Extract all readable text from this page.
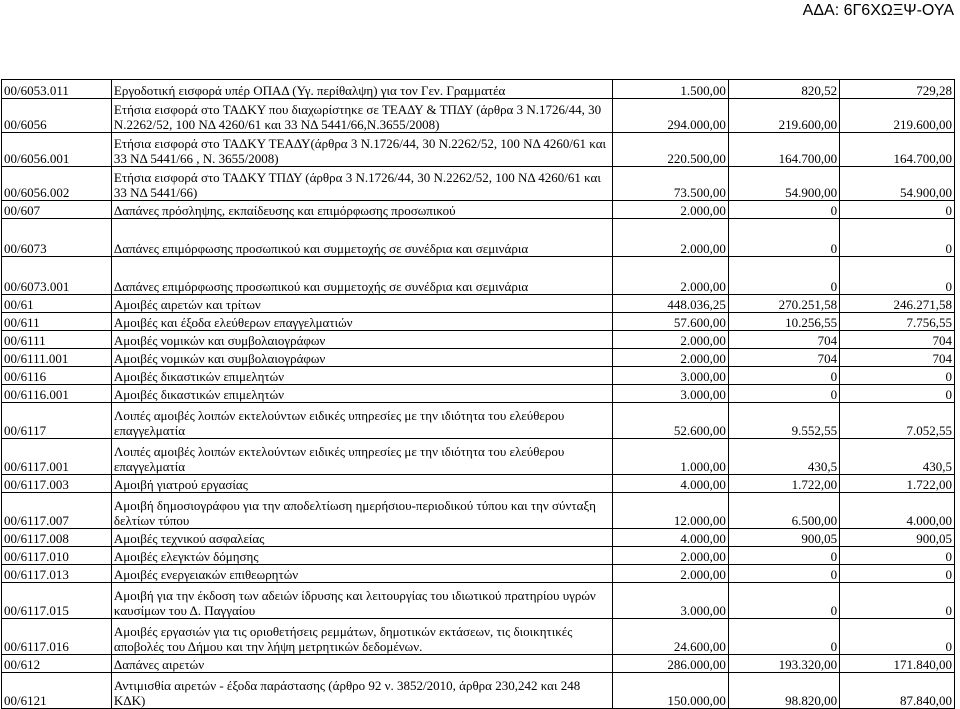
ΑΔΑ: 6Γ6ΧΩΞΨ-ΟΥΑ
00/6053.011	Εργοδοτική εισφορά υπέρ ΟΠΑΔ (Υγ. περίθαλψη) για τον Γεν. Γραμματέα	1.500,00	820,52	729,28
00/6056	Ετήσια εισφορά στο ΤΑΔΚΥ που διαχωρίστηκε σε ΤΕΑΔΥ & ΤΠΔΥ (άρθρα 3 Ν.1726/44, 30 Ν.2262/52, 100 ΝΔ 4260/61 και 33 ΝΔ 5441/66,Ν.3655/2008)	294.000,00	219.600,00	219.600,00
00/6056.001	Ετήσια εισφορά στο ΤΑΔΚΥ ΤΕΑΔΥ(άρθρα 3 Ν.1726/44, 30 Ν.2262/52, 100 ΝΔ 4260/61 και 33 ΝΔ 5441/66 , Ν. 3655/2008)	220.500,00	164.700,00	164.700,00
00/6056.002	Ετήσια εισφορά στο ΤΑΔΚΥ ΤΠΔΥ (άρθρα 3 Ν.1726/44, 30 Ν.2262/52, 100 ΝΔ 4260/61 και 33 ΝΔ 5441/66)	73.500,00	54.900,00	54.900,00
00/607	Δαπάνες πρόσληψης, εκπαίδευσης και επιμόρφωσης προσωπικού	2.000,00	0	0
00/6073	Δαπάνες επιμόρφωσης προσωπικού και συμμετοχής σε συνέδρια και σεμινάρια	2.000,00	0	0
00/6073.001	Δαπάνες επιμόρφωσης προσωπικού και συμμετοχής σε συνέδρια και σεμινάρια	2.000,00	0	0
00/61	Αμοιβές αιρετών και τρίτων	448.036,25	270.251,58	246.271,58
00/611	Αμοιβές και έξοδα ελεύθερων επαγγελματιών	57.600,00	10.256,55	7.756,55
00/6111	Αμοιβές νομικών και συμβολαιογράφων	2.000,00	704	704
00/6111.001	Αμοιβές νομικών και συμβολαιογράφων	2.000,00	704	704
00/6116	Αμοιβές δικαστικών επιμελητών	3.000,00	0	0
00/6116.001	Αμοιβές δικαστικών επιμελητών	3.000,00	0	0
00/6117	Λοιπές αμοιβές λοιπών εκτελούντων ειδικές υπηρεσίες με την ιδιότητα του ελεύθερου επαγγελματία	52.600,00	9.552,55	7.052,55
00/6117.001	Λοιπές αμοιβές λοιπών εκτελούντων ειδικές υπηρεσίες με την ιδιότητα του ελεύθερου επαγγελματία	1.000,00	430,5	430,5
00/6117.003	Αμοιβή γιατρού εργασίας	4.000,00	1.722,00	1.722,00
00/6117.007	Αμοιβή δημοσιογράφου για την αποδελτίωση ημερήσιου-περιοδικού τύπου και την σύνταξη δελτίων τύπου	12.000,00	6.500,00	4.000,00
00/6117.008	Αμοιβές τεχνικού ασφαλείας	4.000,00	900,05	900,05
00/6117.010	Αμοιβές ελεγκτών δόμησης	2.000,00	0	0
00/6117.013	Αμοιβές ενεργειακών επιθεωρητών	2.000,00	0	0
00/6117.015	Αμοιβή για την έκδοση των αδειών ίδρυσης και λειτουργίας του ιδιωτικού πρατηρίου υγρών καυσίμων του Δ. Παγγαίου	3.000,00	0	0
00/6117.016	Αμοιβές εργασιών για τις οριοθετήσεις ρεμμάτων, δημοτικών εκτάσεων, τις διοικητικές αποβολές του Δήμου και την λήψη μετρητικών δεδομένων.	24.600,00	0	0
00/612	Δαπάνες αιρετών	286.000,00	193.320,00	171.840,00
00/6121	Αντιμισθία αιρετών - έξοδα παράστασης (άρθρο 92 ν. 3852/2010, άρθρα 230,242 και 248 ΚΔΚ)	150.000,00	98.820,00	87.840,00
